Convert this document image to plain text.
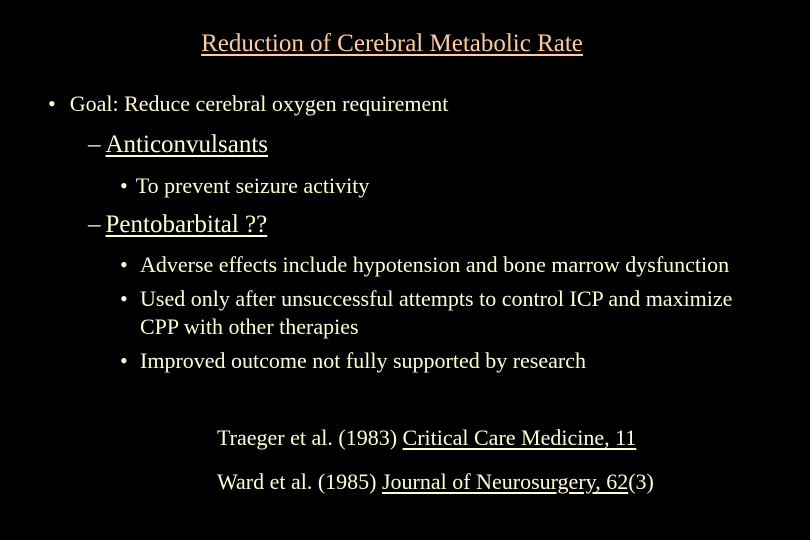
Reduction of Cerebral Metabolic Rate
• Goal: Reduce cerebral oxygen requirement
– Anticonvulsants
• To prevent seizure activity
– Pentobarbital ??
• Adverse effects include hypotension and bone marrow dysfunction
• Used only after unsuccessful attempts to control ICP and maximize CPP with other therapies
• Improved outcome not fully supported by research
Traeger et al. (1983) Critical Care Medicine, 11
Ward et al. (1985) Journal of Neurosurgery, 62(3)
